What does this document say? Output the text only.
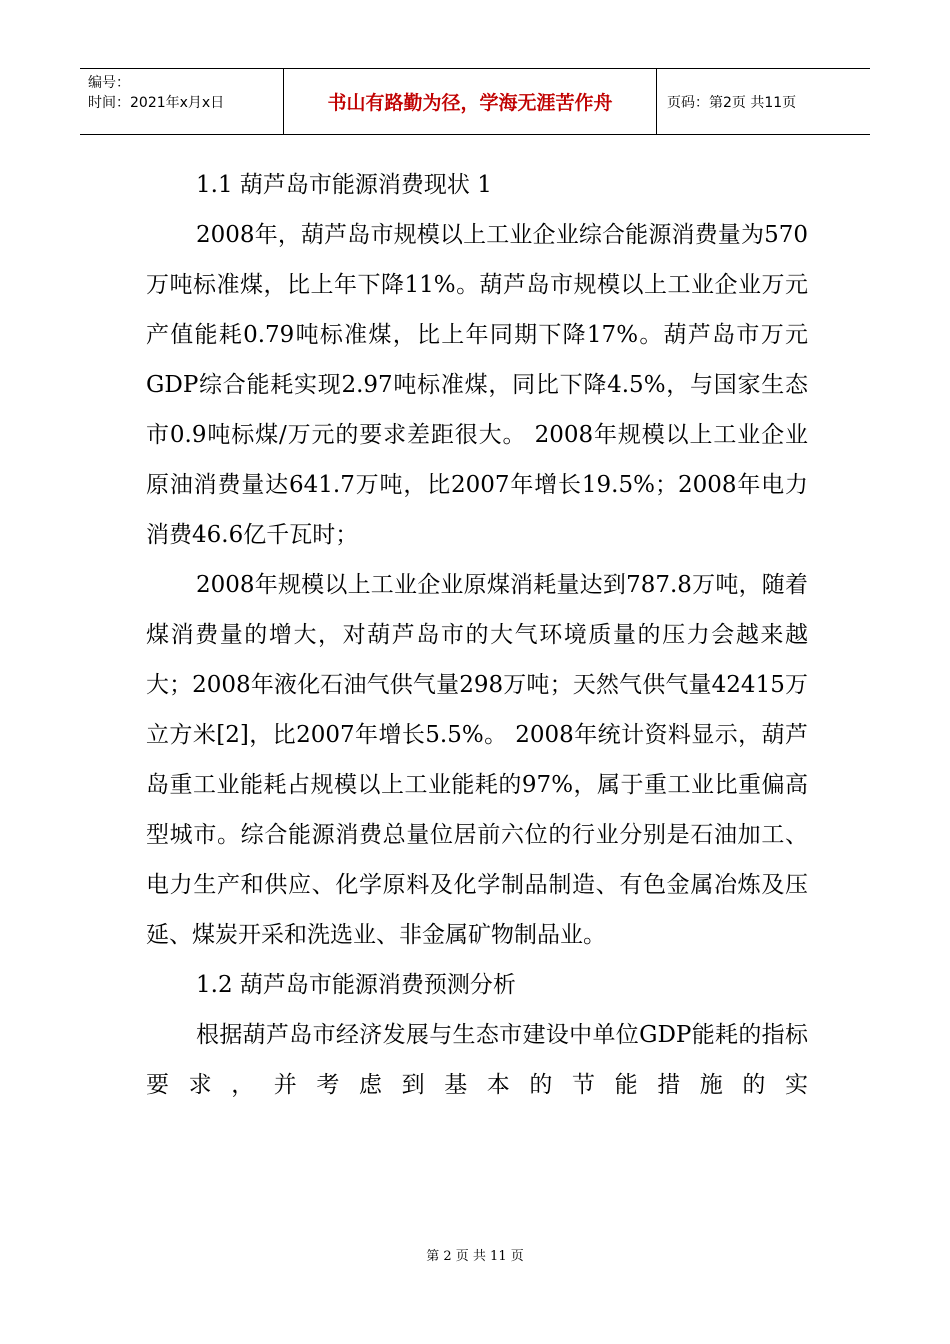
编号：
时间：2021年x月x日	书山有路勤为径，学海无涯苦作舟	页码：第2页 共11页

1.1 葫芦岛市能源消费现状 1

2008年，葫芦岛市规模以上工业企业综合能源消费量为570万吨标准煤，比上年下降11%。葫芦岛市规模以上工业企业万元产值能耗0.79吨标准煤，比上年同期下降17%。葫芦岛市万元GDP综合能耗实现2.97吨标准煤，同比下降4.5%，与国家生态市0.9吨标煤/万元的要求差距很大。 2008年规模以上工业企业原油消费量达641.7万吨，比2007年增长19.5%；2008年电力消费46.6亿千瓦时；

2008年规模以上工业企业原煤消耗量达到787.8万吨，随着煤消费量的增大，对葫芦岛市的大气环境质量的压力会越来越大；2008年液化石油气供气量298万吨；天然气供气量42415万立方米[2]，比2007年增长5.5%。 2008年统计资料显示，葫芦岛重工业能耗占规模以上工业能耗的97%，属于重工业比重偏高型城市。综合能源消费总量位居前六位的行业分别是石油加工、电力生产和供应、化学原料及化学制品制造、有色金属冶炼及压延、煤炭开采和洗选业、非金属矿物制品业。

1.2 葫芦岛市能源消费预测分析

根据葫芦岛市经济发展与生态市建设中单位GDP能耗的指标要求，并考虑到基本的节能措施的实

第 2 页 共 11 页
